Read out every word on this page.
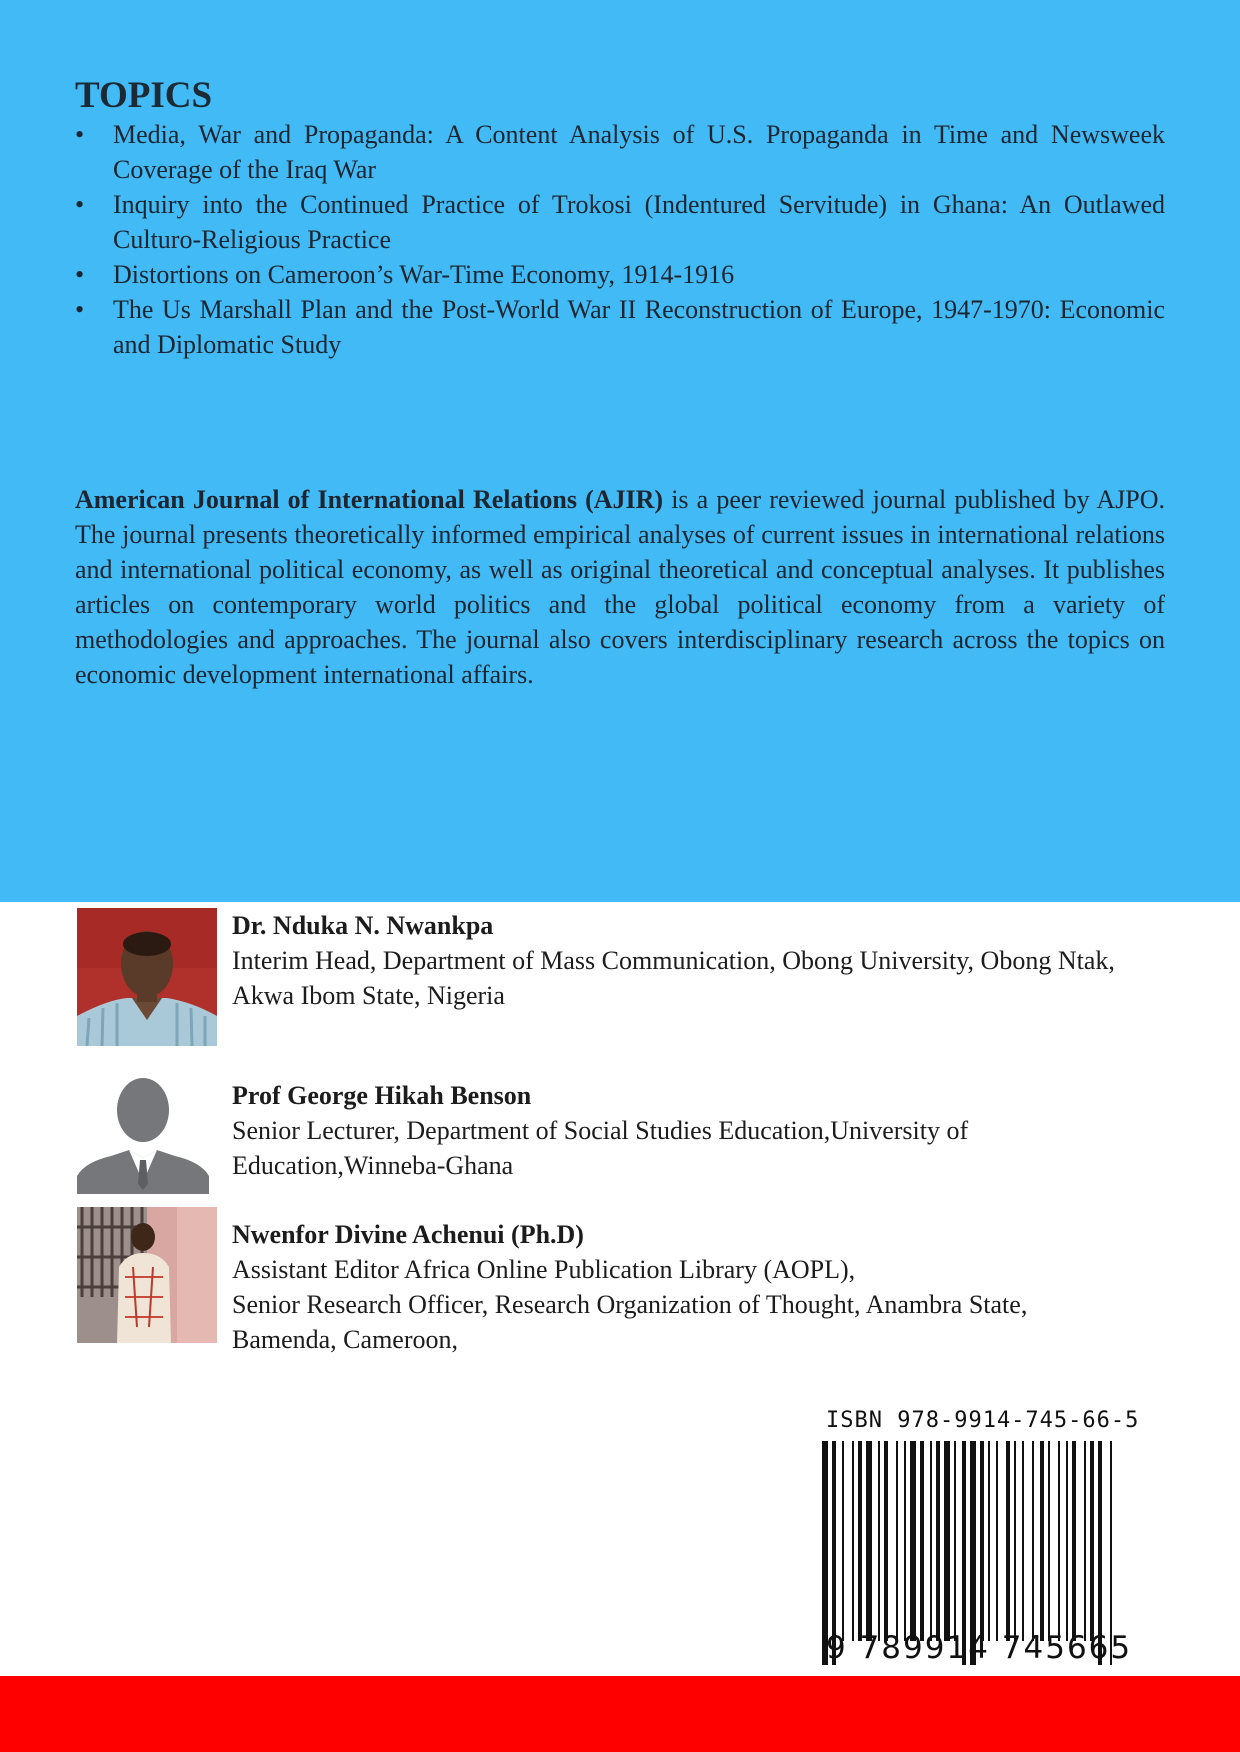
TOPICS
• Media, War and Propaganda: A Content Analysis of U.S. Propaganda in Time and Newsweek Coverage of the Iraq War
• Inquiry into the Continued Practice of Trokosi (Indentured Servitude) in Ghana: An Outlawed Culturo-Religious Practice
• Distortions on Cameroon’s War-Time Economy, 1914-1916
• The Us Marshall Plan and the Post-World War II Reconstruction of Europe, 1947-1970: Economic and Diplomatic Study

American Journal of International Relations (AJIR) is a peer reviewed journal published by AJPO. The journal presents theoretically informed empirical analyses of current issues in international relations and international political economy, as well as original theoretical and conceptual analyses. It publishes articles on contemporary world politics and the global political economy from a variety of methodologies and approaches. The journal also covers interdisciplinary research across the topics on economic development international affairs.

Dr. Nduka N. Nwankpa
Interim Head, Department of Mass Communication, Obong University, Obong Ntak, Akwa Ibom State, Nigeria
Prof George Hikah Benson
Senior Lecturer, Department of Social Studies Education,University of Education,Winneba-Ghana
Nwenfor Divine Achenui (Ph.D)
Assistant Editor Africa Online Publication Library (AOPL),
Senior Research Officer, Research Organization of Thought, Anambra State,
Bamenda, Cameroon,
ISBN 978-9914-745-66-5
9 789914 745665
